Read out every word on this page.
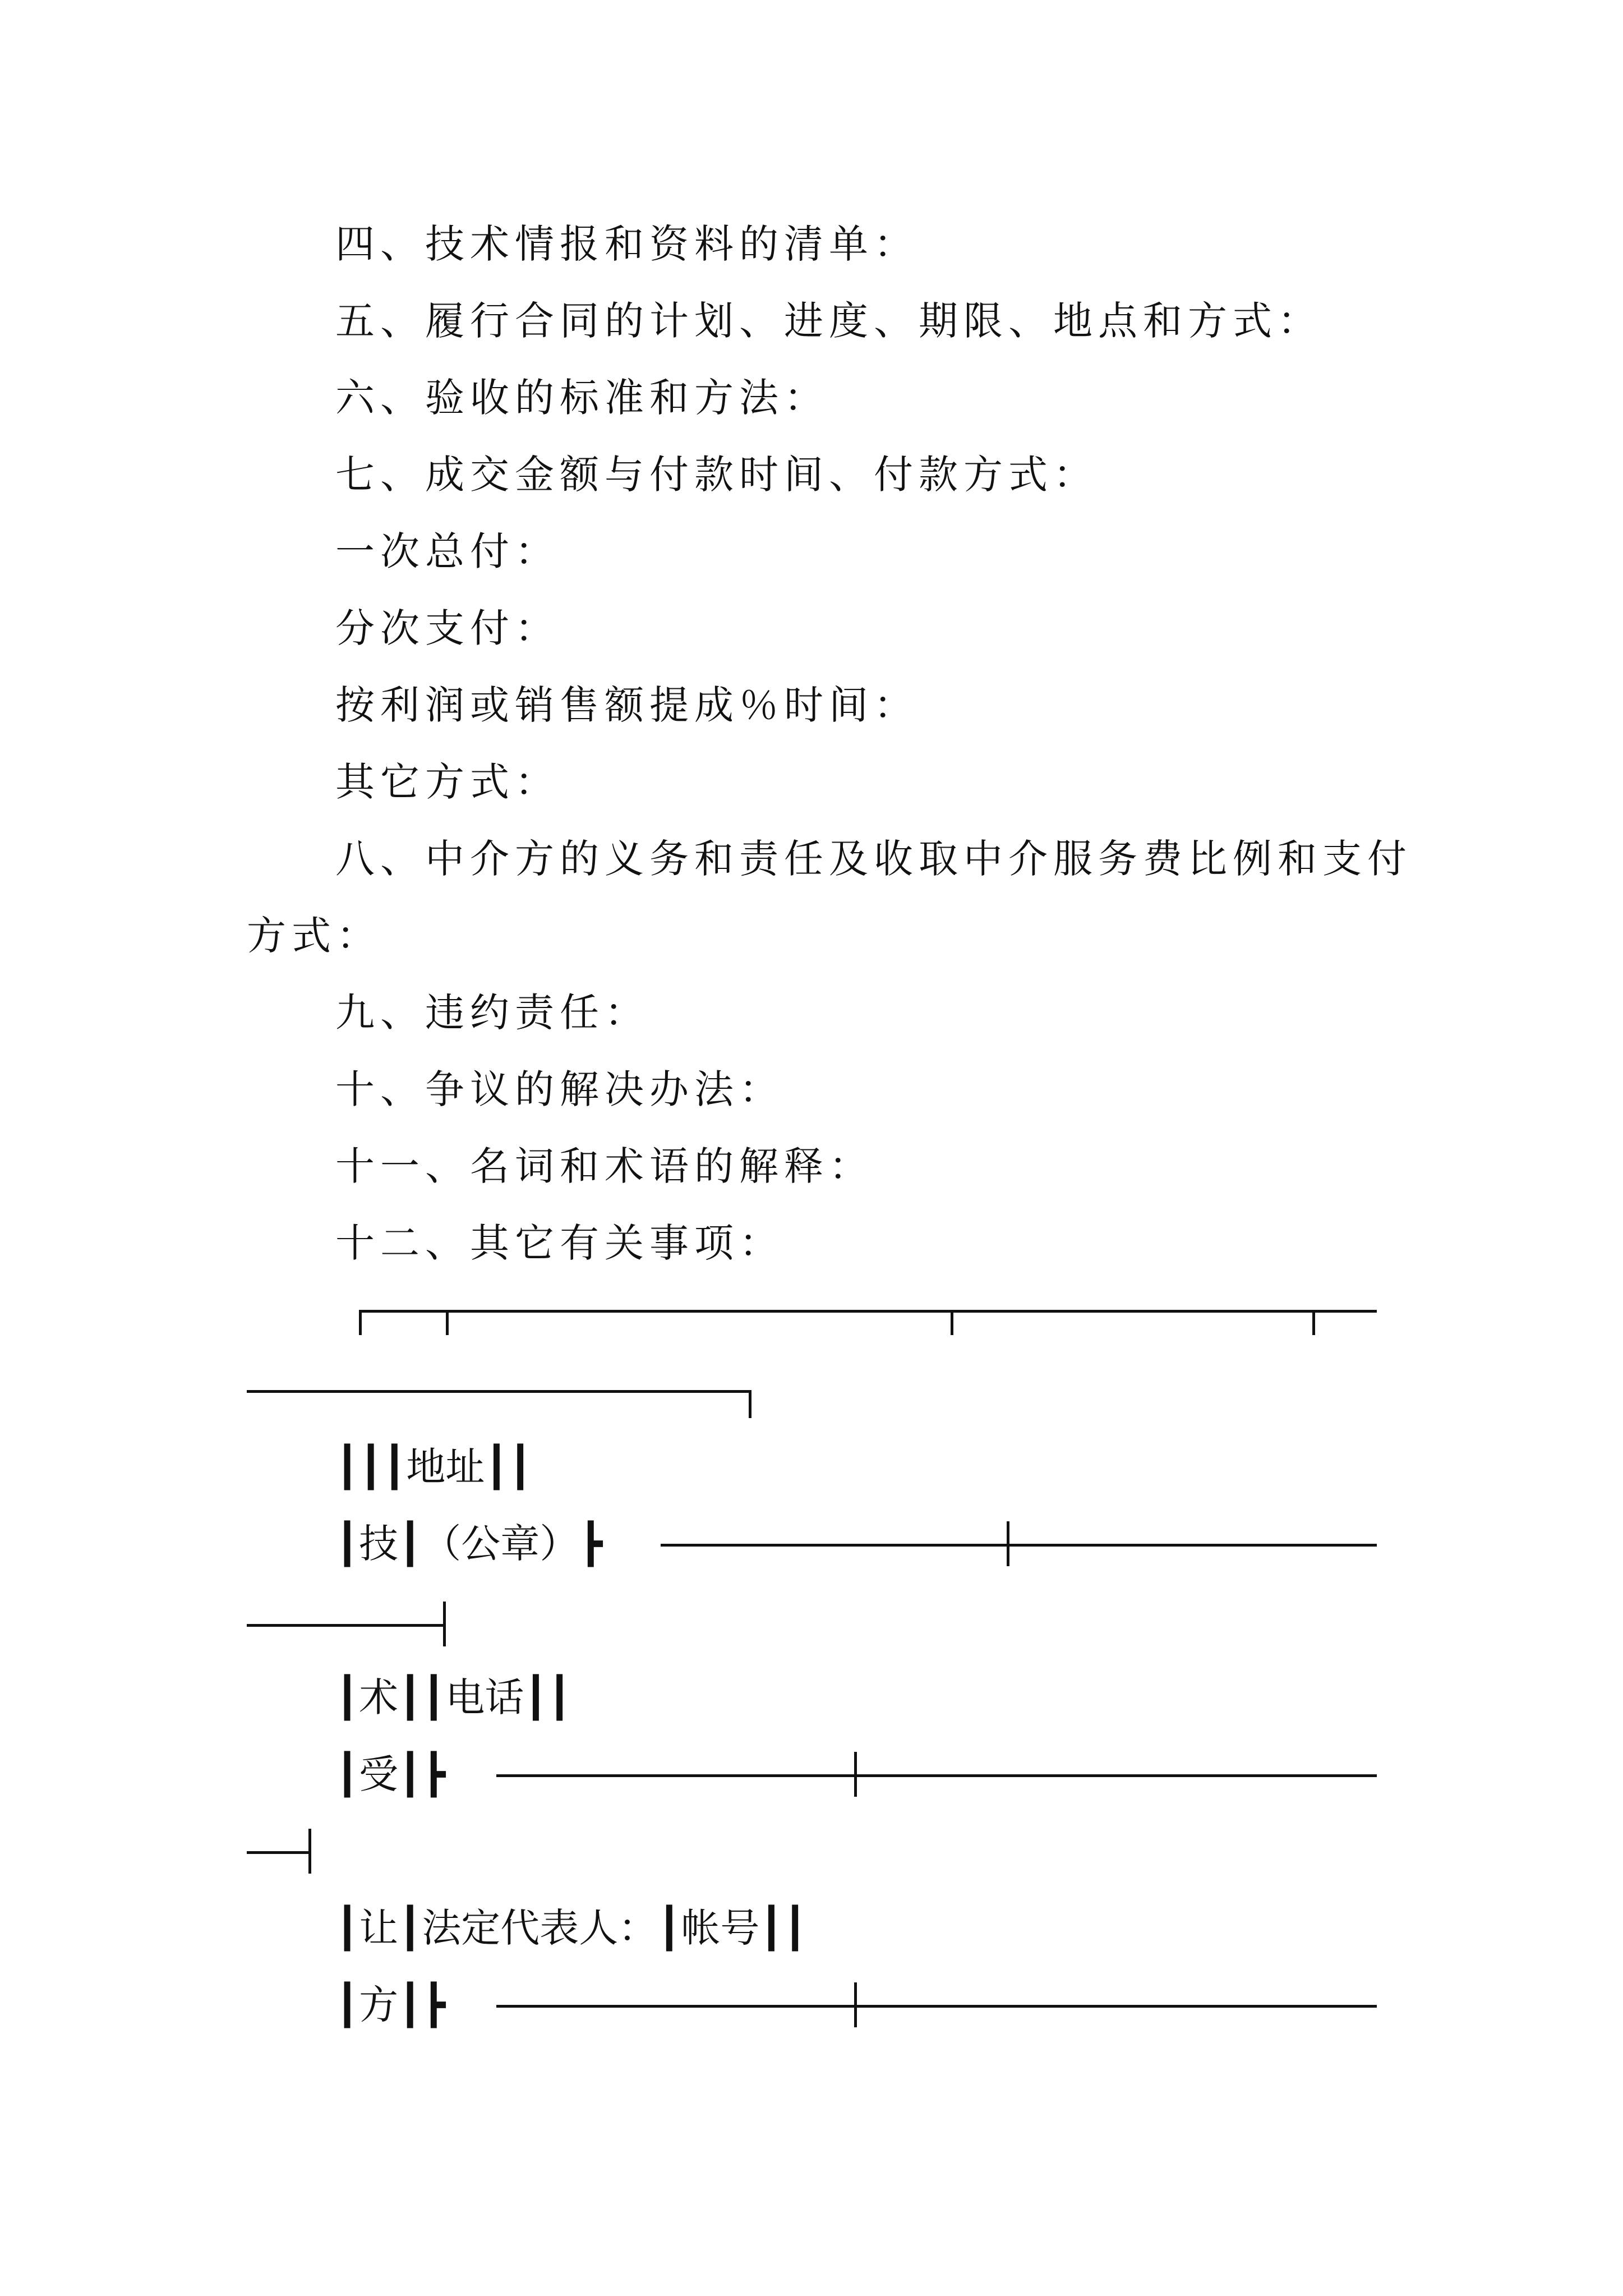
四、技术情报和资料的清单：
五、履行合同的计划、进度、期限、地点和方式：
六、验收的标准和方法：
七、成交金额与付款时间、付款方式：
一次总付：
分次支付：
按利润或销售额提成％时间：
其它方式：
八、中介方的义务和责任及收取中介服务费比例和支付
方式：
九、违约责任：
十、争议的解决办法：
十一、名词和术语的解释：
十二、其它有关事项：
┃┃┃地址┃┃
┃技┃（公章）┣
┃术┃┃电话┃┃
┃受┃┣
┃让┃法定代表人：┃帐号┃┃
┃方┃┣
